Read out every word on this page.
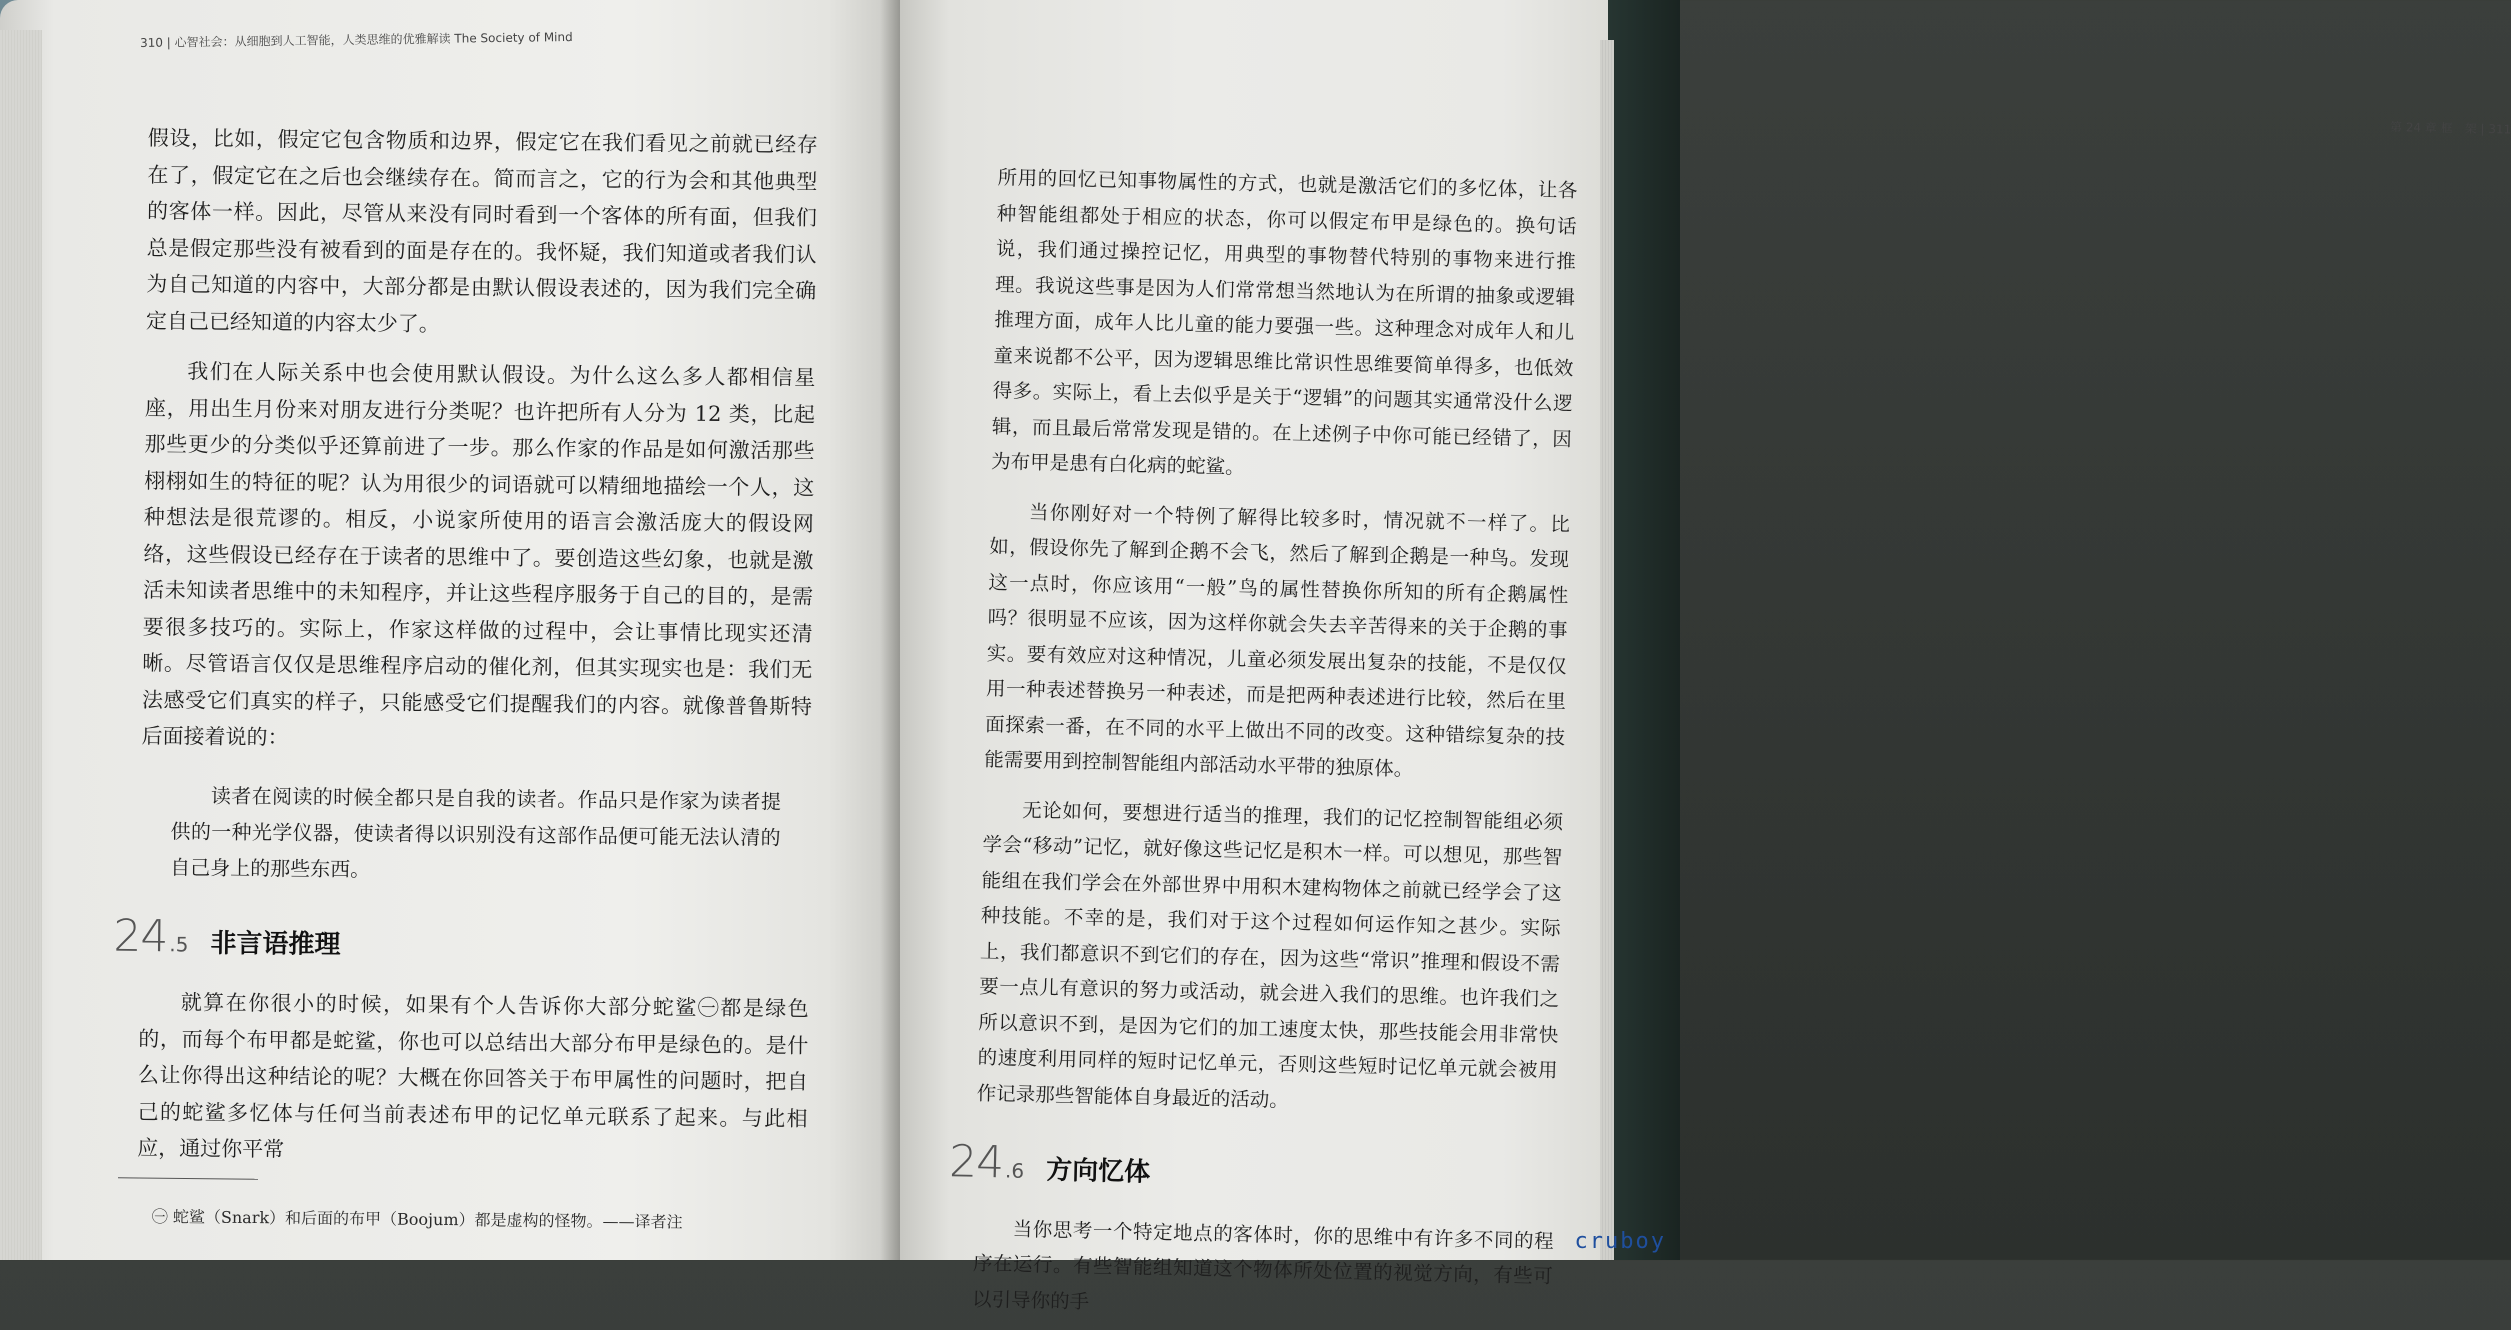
310 | 心智社会：从细胞到人工智能，人类思维的优雅解读 The Society of Mind

假设，比如，假定它包含物质和边界，假定它在我们看见之前就已经存在了，假定它在之后也会继续存在。简而言之，它的行为会和其他典型的客体一样。因此，尽管从来没有同时看到一个客体的所有面，但我们总是假定那些没有被看到的面是存在的。我怀疑，我们知道或者我们认为自己知道的内容中，大部分都是由默认假设表述的，因为我们完全确定自己已经知道的内容太少了。

我们在人际关系中也会使用默认假设。为什么这么多人都相信星座，用出生月份来对朋友进行分类呢？也许把所有人分为 12 类，比起那些更少的分类似乎还算前进了一步。那么作家的作品是如何激活那些栩栩如生的特征的呢？认为用很少的词语就可以精细地描绘一个人，这种想法是很荒谬的。相反，小说家所使用的语言会激活庞大的假设网络，这些假设已经存在于读者的思维中了。要创造这些幻象，也就是激活未知读者思维中的未知程序，并让这些程序服务于自己的目的，是需要很多技巧的。实际上，作家这样做的过程中，会让事情比现实还清晰。尽管语言仅仅是思维程序启动的催化剂，但其实现实也是：我们无法感受它们真实的样子，只能感受它们提醒我们的内容。就像普鲁斯特后面接着说的：

读者在阅读的时候全都只是自我的读者。作品只是作家为读者提供的一种光学仪器，使读者得以识别没有这部作品便可能无法认清的自己身上的那些东西。

24 .5 非言语推理

就算在你很小的时候，如果有个人告诉你大部分蛇鲨㊀都是绿色的，而每个布甲都是蛇鲨，你也可以总结出大部分布甲是绿色的。是什么让你得出这种结论的呢？大概在你回答关于布甲属性的问题时，把自己的蛇鲨多忆体与任何当前表述布甲的记忆单元联系了起来。与此相应，通过你平常

㊀ 蛇鲨（Snark）和后面的布甲（Boojum）都是虚构的怪物。——译者注
第 24 章 框　架 | 311

所用的回忆已知事物属性的方式，也就是激活它们的多忆体，让各种智能组都处于相应的状态，你可以假定布甲是绿色的。换句话说，我们通过操控记忆，用典型的事物替代特别的事物来进行推理。我说这些事是因为人们常常想当然地认为在所谓的抽象或逻辑推理方面，成年人比儿童的能力要强一些。这种理念对成年人和儿童来说都不公平，因为逻辑思维比常识性思维要简单得多，也低效得多。实际上，看上去似乎是关于“逻辑”的问题其实通常没什么逻辑，而且最后常常发现是错的。在上述例子中你可能已经错了，因为布甲是患有白化病的蛇鲨。

当你刚好对一个特例了解得比较多时，情况就不一样了。比如，假设你先了解到企鹅不会飞，然后了解到企鹅是一种鸟。发现这一点时，你应该用“一般”鸟的属性替换你所知的所有企鹅属性吗？很明显不应该，因为这样你就会失去辛苦得来的关于企鹅的事实。要有效应对这种情况，儿童必须发展出复杂的技能，不是仅仅用一种表述替换另一种表述，而是把两种表述进行比较，然后在里面探索一番，在不同的水平上做出不同的改变。这种错综复杂的技能需要用到控制智能组内部活动水平带的独原体。

无论如何，要想进行适当的推理，我们的记忆控制智能组必须学会“移动”记忆，就好像这些记忆是积木一样。可以想见，那些智能组在我们学会在外部世界中用积木建构物体之前就已经学会了这种技能。不幸的是，我们对于这个过程如何运作知之甚少。实际上，我们都意识不到它们的存在，因为这些“常识”推理和假设不需要一点儿有意识的努力或活动，就会进入我们的思维。也许我们之所以意识不到，是因为它们的加工速度太快，那些技能会用非常快的速度利用同样的短时记忆单元，否则这些短时记忆单元就会被用作记录那些智能体自身最近的活动。

24 .6 方向忆体

当你思考一个特定地点的客体时，你的思维中有许多不同的程序在运行。有些智能组知道这个物体所处位置的视觉方向，有些可以引导你的手

cruboy
